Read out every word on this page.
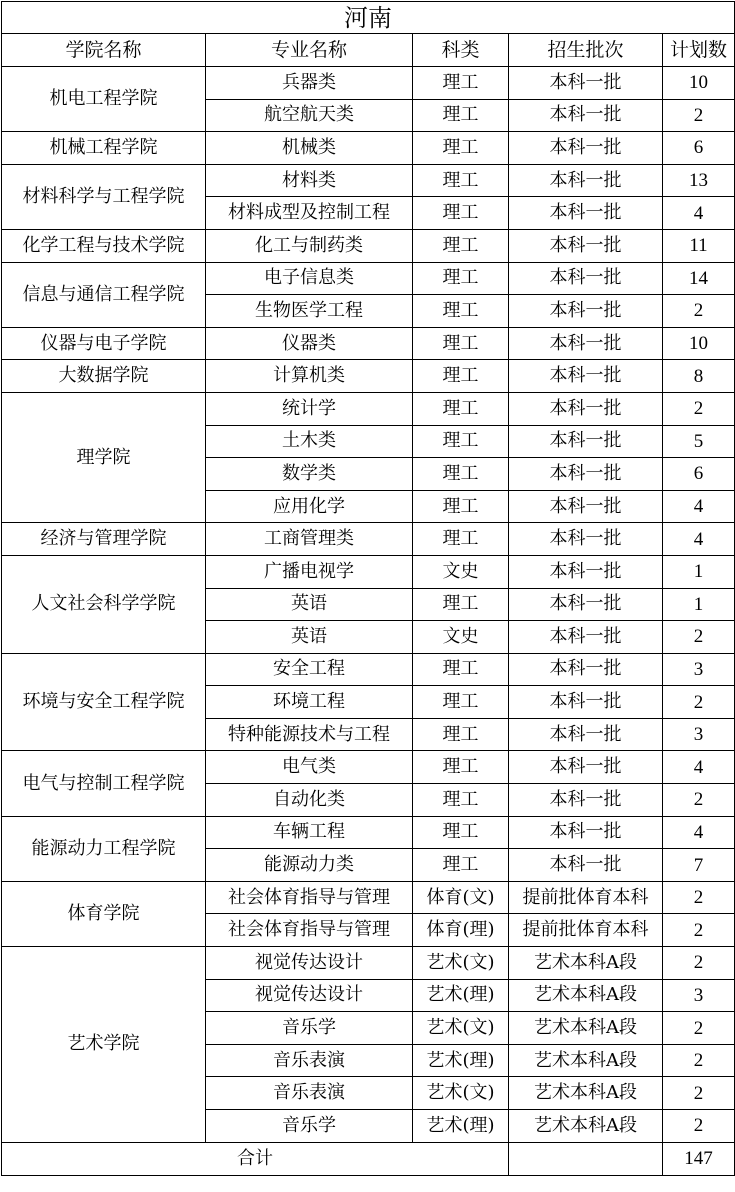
河南				
学院名称	专业名称	科类	招生批次	计划数
机电工程学院	兵器类	理工	本科一批	10
	航空航天类	理工	本科一批	2
机械工程学院	机械类	理工	本科一批	6
材料科学与工程学院	材料类	理工	本科一批	13
	材料成型及控制工程	理工	本科一批	4
化学工程与技术学院	化工与制药类	理工	本科一批	11
信息与通信工程学院	电子信息类	理工	本科一批	14
	生物医学工程	理工	本科一批	2
仪器与电子学院	仪器类	理工	本科一批	10
大数据学院	计算机类	理工	本科一批	8
理学院	统计学	理工	本科一批	2
	土木类	理工	本科一批	5
	数学类	理工	本科一批	6
	应用化学	理工	本科一批	4
经济与管理学院	工商管理类	理工	本科一批	4
人文社会科学学院	广播电视学	文史	本科一批	1
	英语	理工	本科一批	1
	英语	文史	本科一批	2
环境与安全工程学院	安全工程	理工	本科一批	3
	环境工程	理工	本科一批	2
	特种能源技术与工程	理工	本科一批	3
电气与控制工程学院	电气类	理工	本科一批	4
	自动化类	理工	本科一批	2
能源动力工程学院	车辆工程	理工	本科一批	4
	能源动力类	理工	本科一批	7
体育学院	社会体育指导与管理	体育(文)	提前批体育本科	2
	社会体育指导与管理	体育(理)	提前批体育本科	2
艺术学院	视觉传达设计	艺术(文)	艺术本科A段	2
	视觉传达设计	艺术(理)	艺术本科A段	3
	音乐学	艺术(文)	艺术本科A段	2
	音乐表演	艺术(理)	艺术本科A段	2
	音乐表演	艺术(文)	艺术本科A段	2
	音乐学	艺术(理)	艺术本科A段	2
合计				147
